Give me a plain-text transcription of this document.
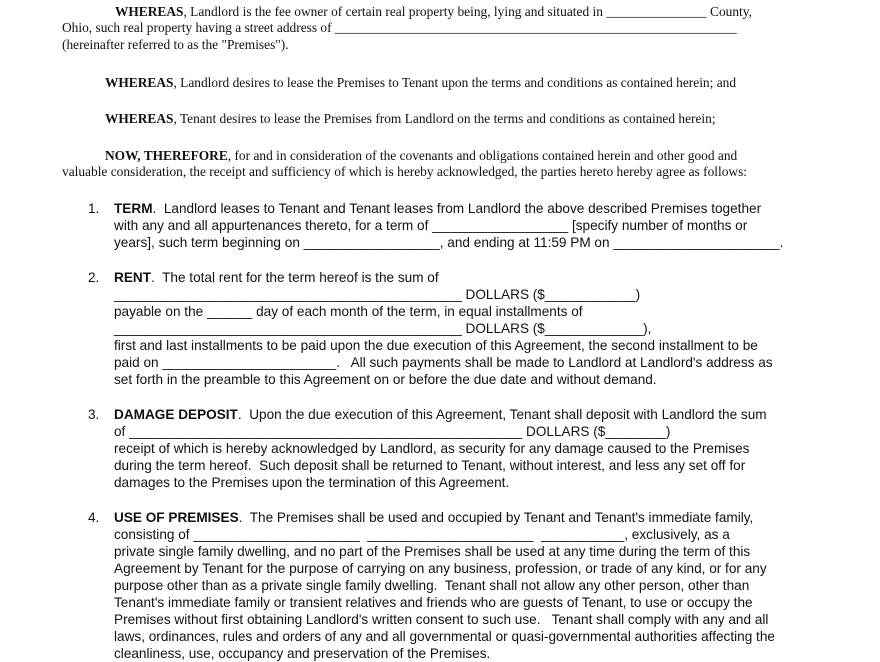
WHEREAS, Landlord is the fee owner of certain real property being, lying and situated in _______________ County,
Ohio, such real property having a street address of ____________________________________________________________
(hereinafter referred to as the "Premises").
WHEREAS, Landlord desires to lease the Premises to Tenant upon the terms and conditions as contained herein; and
WHEREAS, Tenant desires to lease the Premises from Landlord on the terms and conditions as contained herein;
NOW, THEREFORE, for and in consideration of the covenants and obligations contained herein and other good and
valuable consideration, the receipt and sufficiency of which is hereby acknowledged, the parties hereto hereby agree as follows:
1. TERM.  Landlord leases to Tenant and Tenant leases from Landlord the above described Premises together
with any and all appurtenances thereto, for a term of __________________ [specify number of months or
years], such term beginning on __________________, and ending at 11:59 PM on ______________________.
2. RENT.  The total rent for the term hereof is the sum of
______________________________________________ DOLLARS ($____________)
payable on the ______ day of each month of the term, in equal installments of
______________________________________________ DOLLARS ($_____________),
first and last installments to be paid upon the due execution of this Agreement, the second installment to be
paid on _______________________.   All such payments shall be made to Landlord at Landlord's address as
set forth in the preamble to this Agreement on or before the due date and without demand.
3. DAMAGE DEPOSIT.  Upon the due execution of this Agreement, Tenant shall deposit with Landlord the sum
of ____________________________________________________ DOLLARS ($________)
receipt of which is hereby acknowledged by Landlord, as security for any damage caused to the Premises
during the term hereof.  Such deposit shall be returned to Tenant, without interest, and less any set off for
damages to the Premises upon the termination of this Agreement.
4. USE OF PREMISES.  The Premises shall be used and occupied by Tenant and Tenant's immediate family,
consisting of ______________________  ______________________  ___________, exclusively, as a
private single family dwelling, and no part of the Premises shall be used at any time during the term of this
Agreement by Tenant for the purpose of carrying on any business, profession, or trade of any kind, or for any
purpose other than as a private single family dwelling.  Tenant shall not allow any other person, other than
Tenant's immediate family or transient relatives and friends who are guests of Tenant, to use or occupy the
Premises without first obtaining Landlord's written consent to such use.   Tenant shall comply with any and all
laws, ordinances, rules and orders of any and all governmental or quasi-governmental authorities affecting the
cleanliness, use, occupancy and preservation of the Premises.
